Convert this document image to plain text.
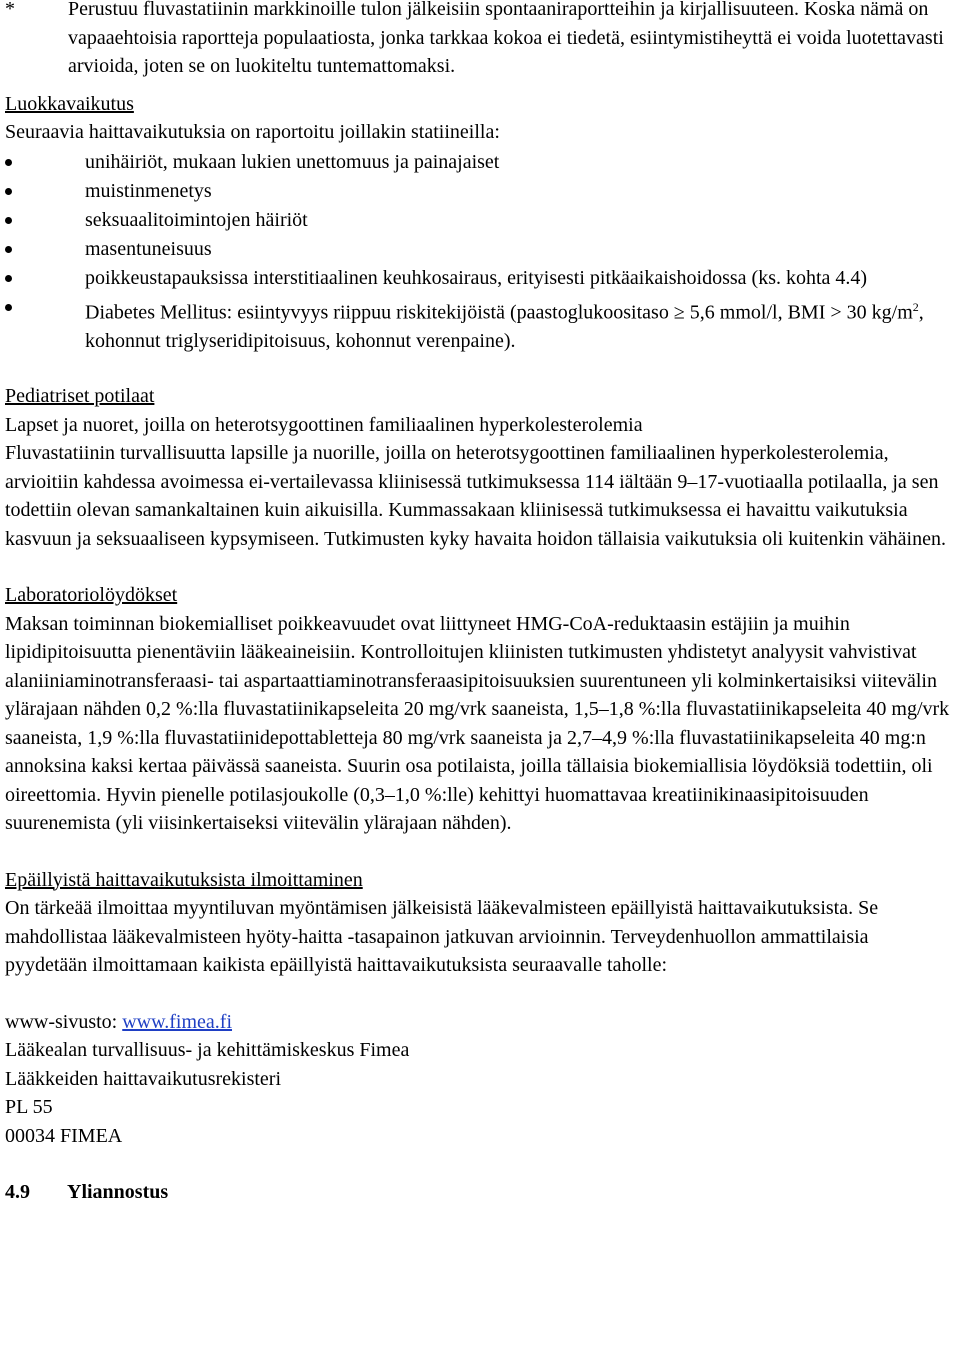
*	Perustuu fluvastatiinin markkinoille tulon jälkeisiin spontaaniraportteihin ja kirjallisuuteen. Koska nämä on vapaaehtoisia raportteja populaatiosta, jonka tarkkaa kokoa ei tiedetä, esiintymistiheyttä ei voida luotettavasti arvioida, joten se on luokiteltu tuntemattomaksi.
Luokkavaikutus
Seuraavia haittavaikutuksia on raportoitu joillakin statiineilla:
unihäiriöt, mukaan lukien unettomuus ja painajaiset
muistinmenetys
seksuaalitoimintojen häiriöt
masentuneisuus
poikkeustapauksissa interstitiaalinen keuhkosairaus, erityisesti pitkäaikaishoidossa (ks. kohta 4.4)
Diabetes Mellitus: esiintyvyys riippuu riskitekijöistä (paastoglukoositaso ≥ 5,6 mmol/l, BMI > 30 $kg/m^2$, kohonnut triglyseridipitoisuus, kohonnut verenpaine).
Pediatriset potilaat
Lapset ja nuoret, joilla on heterotsygoottinen familiaalinen hyperkolesterolemia
Fluvastatiinin turvallisuutta lapsille ja nuorille, joilla on heterotsygoottinen familiaalinen hyperkolesterolemia, arvioitiin kahdessa avoimessa ei-vertailevassa kliinisessä tutkimuksessa 114 iältään 9–17-vuotiaalla potilaalla, ja sen todettiin olevan samankaltainen kuin aikuisilla. Kummassakaan kliinisessä tutkimuksessa ei havaittu vaikutuksia kasvuun ja seksuaaliseen kypsymiseen. Tutkimusten kyky havaita hoidon tällaisia vaikutuksia oli kuitenkin vähäinen.
Laboratoriolöydökset
Maksan toiminnan biokemialliset poikkeavuudet ovat liittyneet HMG-CoA-reduktaasin estäjiin ja muihin lipidipitoisuutta pienentäviin lääkeaineisiin. Kontrolloitujen kliinisten tutkimusten yhdistetyt analyysit vahvistivat alaniiniaminotransferaasi- tai aspartaattiaminotransferaasipitoisuuksien suurentuneen yli kolminkertaisiksi viitevälin ylärajaan nähden 0,2 %:lla fluvastatiinikapseleita 20 mg/vrk saaneista, 1,5–1,8 %:lla fluvastatiinikapseleita 40 mg/vrk saaneista, 1,9 %:lla fluvastatiinidepottabletteja 80 mg/vrk saaneista ja 2,7–4,9 %:lla fluvastatiinikapseleita 40 mg:n annoksina kaksi kertaa päivässä saaneista. Suurin osa potilaista, joilla tällaisia biokemiallisia löydöksiä todettiin, oli oireettomia. Hyvin pienelle potilasjoukolle (0,3–1,0 %:lle) kehittyi huomattavaa kreatiinikinaasipitoisuuden suurenemista (yli viisinkertaiseksi viitevälin ylärajaan nähden).
Epäillyistä haittavaikutuksista ilmoittaminen
On tärkeää ilmoittaa myyntiluvan myöntämisen jälkeisistä lääkevalmisteen epäillyistä haittavaikutuksista. Se mahdollistaa lääkevalmisteen hyöty-haitta -tasapainon jatkuvan arvioinnin. Terveydenhuollon ammattilaisia pyydetään ilmoittamaan kaikista epäillyistä haittavaikutuksista seuraavalle taholle:
www-sivusto: www.fimea.fi
Lääkealan turvallisuus- ja kehittämiskeskus Fimea
Lääkkeiden haittavaikutusrekisteri
PL 55
00034 FIMEA
4.9 Yliannostus
